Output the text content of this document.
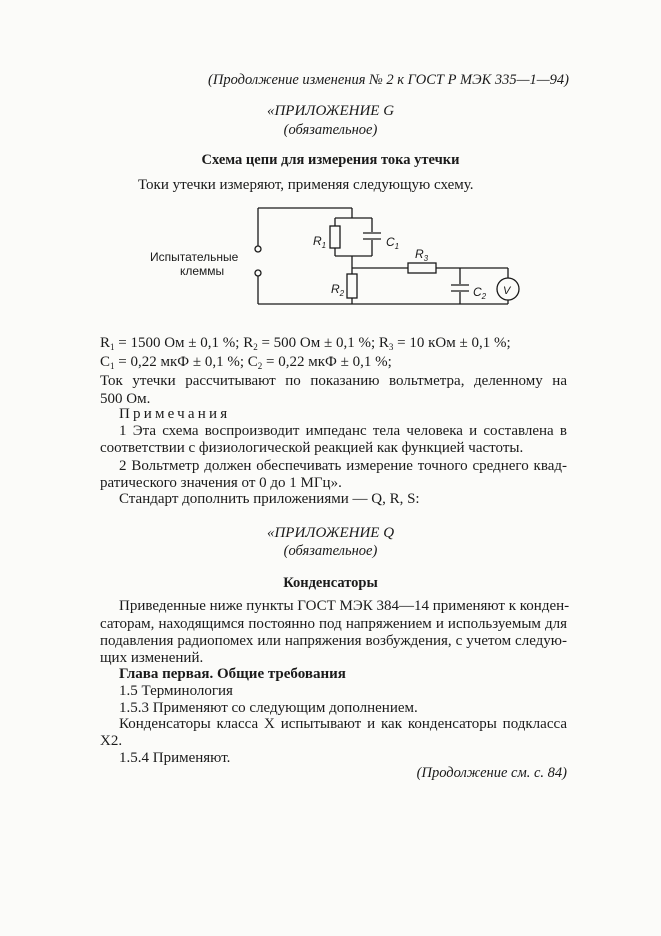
(Продолжение изменения № 2 к ГОСТ Р МЭК 335—1—94)
«ПРИЛОЖЕНИЕ G
(обязательное)
Схема цепи для измерения тока утечки
Токи утечки измеряют, применяя следующую схему.
Испытательные
клеммы
$R_1$	$C_1$
$R_2$
$R_3$
$C_2$ V
$R_1 = 1500$ Ом ± 0,1 %; $R_2 = 500$ Ом ± 0,1 %; $R_3 = 10$ кОм ± 0,1 %;
$C_1 = 0,22$ мкФ ± 0,1 %; $C_2 = 0,22$ мкФ ± 0,1 %;
Ток утечки рассчитывают по показанию вольтметра, деленному на
500 Ом.
Примечания
1 Эта схема воспроизводит импеданс тела человека и составлена в
соответствии с физиологической реакцией как функцией частоты.
2 Вольтметр должен обеспечивать измерение точного среднего квад-
ратического значения от 0 до 1 МГц».
Стандарт дополнить приложениями — Q, R, S:
«ПРИЛОЖЕНИЕ Q
(обязательное)
Конденсаторы
Приведенные ниже пункты ГОСТ МЭК 384—14 применяют к конден-
саторам, находящимся постоянно под напряжением и используемым для
подавления радиопомех или напряжения возбуждения, с учетом следую-
щих изменений.
Глава первая. Общие требования
1.5 Терминология
1.5.3 Применяют со следующим дополнением.
Конденсаторы класса X испытывают и как конденсаторы подкласса
X2.
1.5.4 Применяют.
(Продолжение см. с. 84)
